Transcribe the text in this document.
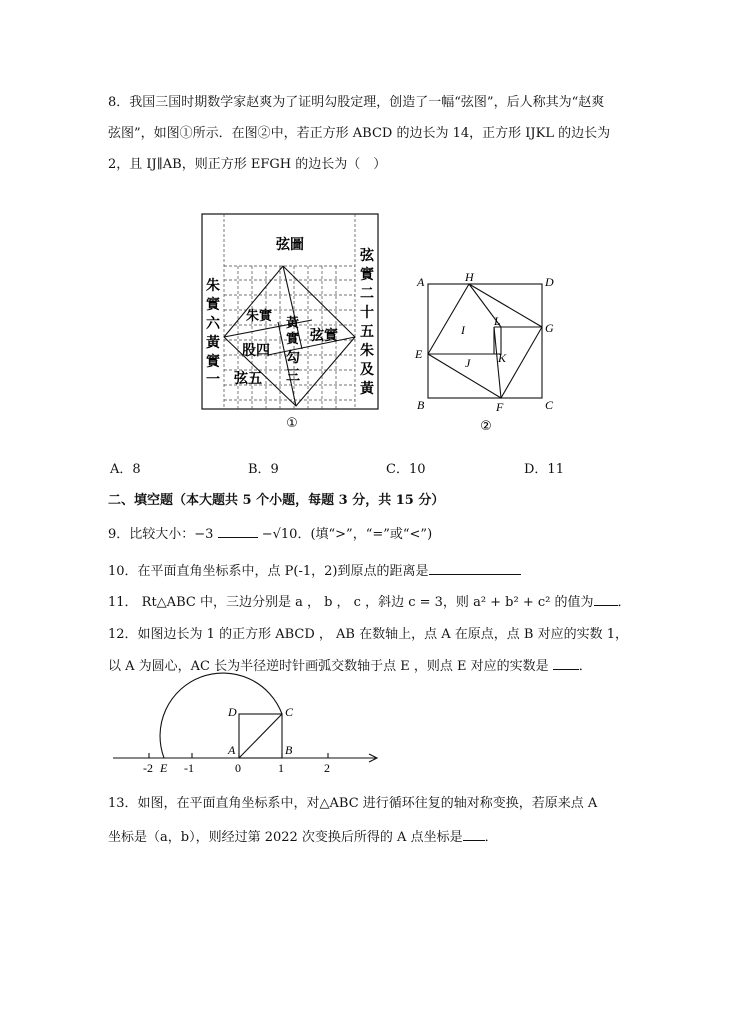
8．我国三国时期数学家赵爽为了证明勾股定理，创造了一幅“弦图”，后人称其为“赵爽
弦图”，如图①所示．在图②中，若正方形 ABCD 的边长为 14，正方形 IJKL 的边长为
2，且 IJ∥AB，则正方形 EFGH 的边长为（　）
弦圖
朱實六黃實一
弦實二十五朱及黃
朱實
股四
弦五
黃實
勾三
弦實
①
A	H	D
G
C
F
B
E
I
L
J K
②
A．8	B．9	C．10	D．11
二、填空题（本大题共 5 个小题，每题 3 分，共 15 分）
9．比较大小：−3	−√10．(填“>”，“=”或“<”)
10．在平面直角坐标系中，点 P(-1，2)到原点的距离是
11． Rt△ABC 中，三边分别是 a ， b ， c ，斜边 c = 3，则 a² + b² + c² 的值为 ．
12．如图边长为 1 的正方形 ABCD ， AB 在数轴上，点 A 在原点，点 B 对应的实数 1，
以 A 为圆心，AC 长为半径逆时针画弧交数轴于点 E ，则点 E 对应的实数是 ．
-2	-1	0	1	2
E
A	B
C
D
13．如图，在平面直角坐标系中，对△ABC 进行循环往复的轴对称变换，若原来点 A
坐标是（a，b），则经过第 2022 次变换后所得的 A 点坐标是 ．
